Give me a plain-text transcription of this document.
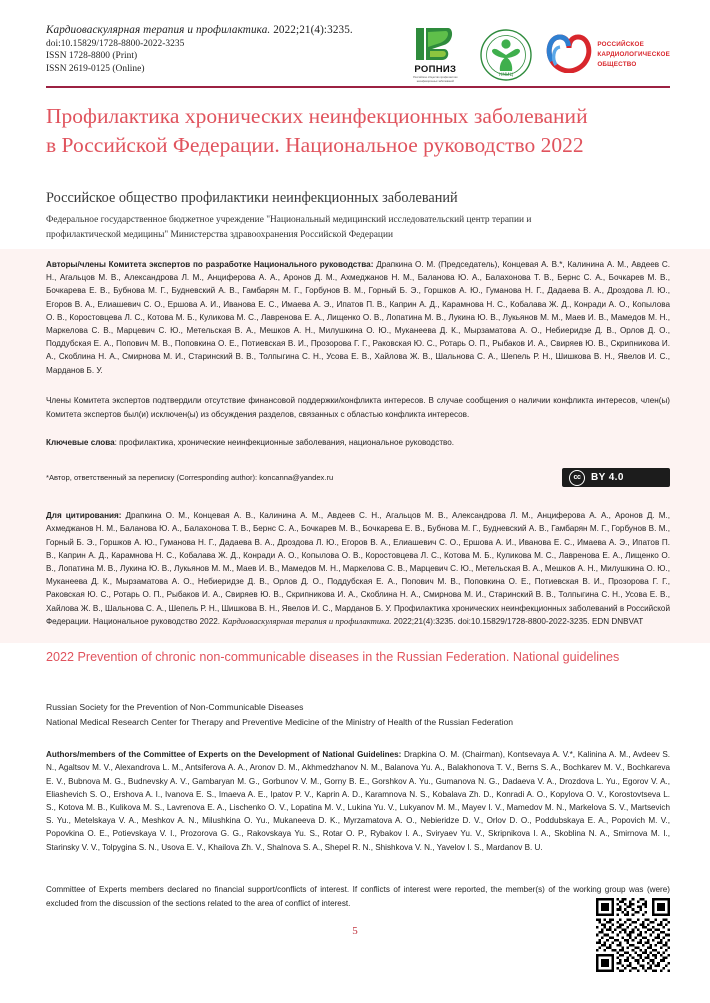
Кардиоваскулярная терапия и профилактика. 2022;21(4):3235.
doi:10.15829/1728-8800-2022-3235
ISSN 1728-8800 (Print)
ISSN 2619-0125 (Online)	РОПНИЗ
Российское общество профилактики неинфекционных заболеваний
НМИЦ
РОССИЙСКОЕ
КАРДИОЛОГИЧЕСКОЕ
ОБЩЕСТВО
Профилактика хронических неинфекционных заболеваний в Российской Федерации. Национальное руководство 2022
Российское общество профилактики неинфекционных заболеваний
Федеральное государственное бюджетное учреждение "Национальный медицинский исследовательский центр терапии и профилактической медицины" Министерства здравоохранения Российской Федерации

Авторы/члены Комитета экспертов по разработке Национального руководства: Драпкина О. М. (Председатель), Концевая А. В.*, Калинина А. М., Авдеев С. Н., Агальцов М. В., Александрова Л. М., Анциферова А. А., Аронов Д. М., Ахмеджанов Н. М., Баланова Ю. А., Балахонова Т. В., Бернс С. А., Бочкарев М. В., Бочкарева Е. В., Бубнова М. Г., Будневский А. В., Гамбарян М. Г., Горбунов В. М., Горный Б. Э., Горшков А. Ю., Гуманова Н. Г., Дадаева В. А., Дроздова Л. Ю., Егоров В. А., Елиашевич С. О., Ершова А. И., Иванова Е. С., Имаева А. Э., Ипатов П. В., Каприн А. Д., Карамнова Н. С., Кобалава Ж. Д., Конради А. О., Копылова О. В., Коростовцева Л. С., Котова М. Б., Куликова М. С., Лавренова Е. А., Лищенко О. В., Лопатина М. В., Лукина Ю. В., Лукьянов М. М., Маев И. В., Мамедов М. Н., Маркелова С. В., Марцевич С. Ю., Метельская В. А., Мешков А. Н., Милушкина О. Ю., Муканеева Д. К., Мырзаматова А. О., Небиеридзе Д. В., Орлов Д. О., Поддубская Е. А., Попович М. В., Поповкина О. Е., Потиевская В. И., Прозорова Г. Г., Раковская Ю. С., Ротарь О. П., Рыбаков И. А., Свиряев Ю. В., Скрипникова И. А., Скоблина Н. А., Смирнова М. И., Старинский В. В., Толпыгина С. Н., Усова Е. В., Хайлова Ж. В., Шальнова С. А., Шепель Р. Н., Шишкова В. Н., Явелов И. С., Марданов Б. У.

Члены Комитета экспертов подтвердили отсутствие финансовой поддержки/конфликта интересов. В случае сообщения о наличии конфликта интересов, член(ы) Комитета экспертов был(и) исключен(ы) из обсуждения разделов, связанных с областью конфликта интересов.

Ключевые слова: профилактика, хронические неинфекционные заболевания, национальное руководство.

*Автор, ответственный за переписку (Corresponding author): koncanna@yandex.ru

Для цитирования: Драпкина О. М., Концевая А. В., Калинина А. М., Авдеев С. Н., Агальцов М. В., Александрова Л. М., Анциферова А. А., Аронов Д. М., Ахмеджанов Н. М., Баланова Ю. А., Балахонова Т. В., Бернс С. А., Бочкарев М. В., Бочкарева Е. В., Бубнова М. Г., Будневский А. В., Гамбарян М. Г., Горбунов В. М., Горный Б. Э., Горшков А. Ю., Гуманова Н. Г., Дадаева В. А., Дроздова Л. Ю., Егоров В. А., Елиашевич С. О., Ершова А. И., Иванова Е. С., Имаева А. Э., Ипатов П. В., Каприн А. Д., Карамнова Н. С., Кобалава Ж. Д., Конради А. О., Копылова О. В., Коростовцева Л. С., Котова М. Б., Куликова М. С., Лавренова Е. А., Лищенко О. В., Лопатина М. В., Лукина Ю. В., Лукьянов М. М., Маев И. В., Мамедов М. Н., Маркелова С. В., Марцевич С. Ю., Метельская В. А., Мешков А. Н., Милушкина О. Ю., Муканеева Д. К., Мырзаматова А. О., Небиеридзе Д. В., Орлов Д. О., Поддубская Е. А., Попович М. В., Поповкина О. Е., Потиевская В. И., Прозорова Г. Г., Раковская Ю. С., Ротарь О. П., Рыбаков И. А., Свиряев Ю. В., Скрипникова И. А., Скоблина Н. А., Смирнова М. И., Старинский В. В., Толпыгина С. Н., Усова Е. В., Хайлова Ж. В., Шальнова С. А., Шепель Р. Н., Шишкова В. Н., Явелов И. С., Марданов Б. У. Профилактика хронических неинфекционных заболеваний в Российской Федерации. Национальное руководство 2022. Кардиоваскулярная терапия и профилактика. 2022;21(4):3235. doi:10.15829/1728-8800-2022-3235. EDN DNBVAT

cc	BY 4.0
2022 Prevention of chronic non-communicable diseases in the Russian Federation. National guidelines
Russian Society for the Prevention of Non-Communicable Diseases
National Medical Research Center for Therapy and Preventive Medicine of the Ministry of Health of the Russian Federation

Authors/members of the Committee of Experts on the Development of National Guidelines: Drapkina O. M. (Chairman), Kontsevaya A. V.*, Kalinina A. M., Avdeev S. N., Agaltsov M. V., Alexandrova L. M., Antsiferova A. A., Aronov D. M., Akhmedzhanov N. M., Balanova Yu. A., Balakhonova T. V., Berns S. A., Bochkarev M. V., Bochkareva E. V., Bubnova M. G., Budnevsky A. V., Gambaryan M. G., Gorbunov V. M., Gorny B. E., Gorshkov A. Yu., Gumanova N. G., Dadaeva V. A., Drozdova L. Yu., Egorov V. A., Eliashevich S. O., Ershova A. I., Ivanova E. S., Imaeva A. E., Ipatov P. V., Kaprin A. D., Karamnova N. S., Kobalava Zh. D., Konradi A. O., Kopylova O. V., Korostovtseva L. S., Kotova M. B., Kulikova M. S., Lavrenova E. A., Lischenko O. V., Lopatina M. V., Lukina Yu. V., Lukyanov M. M., Mayev I. V., Mamedov M. N., Markelova S. V., Martsevich S. Yu., Metelskaya V. A., Meshkov A. N., Milushkina O. Yu., Mukaneeva D. K., Myrzamatova A. O., Nebieridze D. V., Orlov D. O., Poddubskaya E. A., Popovich M. V., Popovkina O. E., Potievskaya V. I., Prozorova G. G., Rakovskaya Yu. S., Rotar O. P., Rybakov I. A., Sviryaev Yu. V., Skripnikova I. A., Skoblina N. A., Smirnova M. I., Starinsky V. V., Tolpygina S. N., Usova E. V., Khailova Zh. V., Shalnova S. A., Shepel R. N., Shishkova V. N., Yavelov I. S., Mardanov B. U.

Committee of Experts members declared no financial support/conflicts of interest. If conflicts of interest were reported, the member(s) of the working group was (were) excluded from the discussion of the sections related to the area of conflict of interest.

5
